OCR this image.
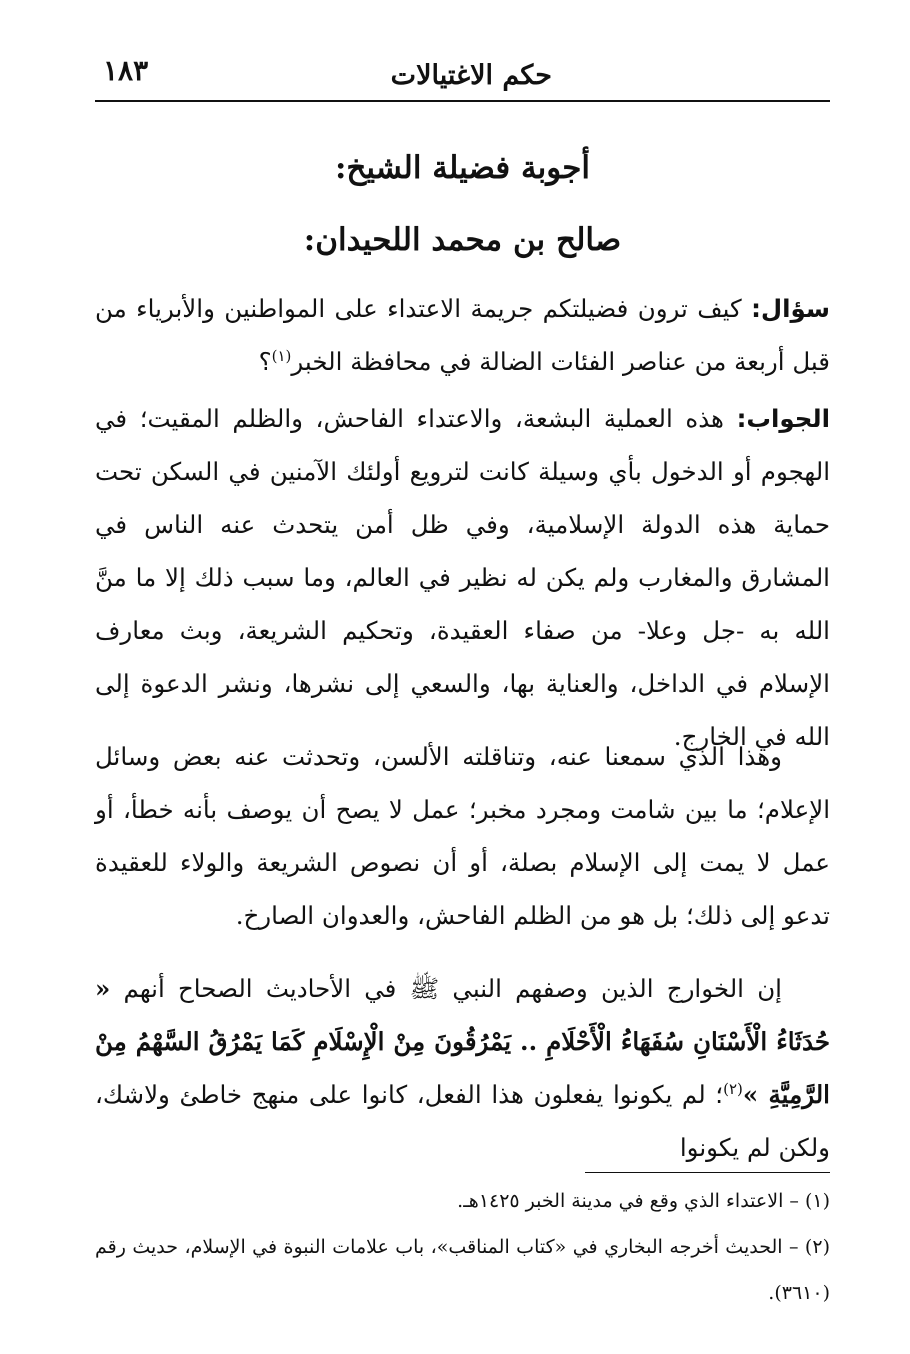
حكم الاغتيالات
١٨٣
أجوبة فضيلة الشيخ:
صالح بن محمد اللحيدان:

سؤال: كيف ترون فضيلتكم جريمة الاعتداء على المواطنين والأبرياء من قبل أربعة من عناصر الفئات الضالة في محافظة الخبر$^{(١)}$؟

الجواب: هذه العملية البشعة، والاعتداء الفاحش، والظلم المقيت؛ في الهجوم أو الدخول بأي وسيلة كانت لترويع أولئك الآمنين في السكن تحت حماية هذه الدولة الإسلامية، وفي ظل أمن يتحدث عنه الناس في المشارق والمغارب ولم يكن له نظير في العالم، وما سبب ذلك إلا ما منَّ الله به -جل وعلا- من صفاء العقيدة، وتحكيم الشريعة، وبث معارف الإسلام في الداخل، والعناية بها، والسعي إلى نشرها، ونشر الدعوة إلى الله في الخارج.

وهذا الذي سمعنا عنه، وتناقلته الألسن، وتحدثت عنه بعض وسائل الإعلام؛ ما بين شامت ومجرد مخبر؛ عمل لا يصح أن يوصف بأنه خطأ، أو عمل لا يمت إلى الإسلام بصلة، أو أن نصوص الشريعة والولاء للعقيدة تدعو إلى ذلك؛ بل هو من الظلم الفاحش، والعدوان الصارخ.

إن الخوارج الذين وصفهم النبي ﷺ في الأحاديث الصحاح أنهم « حُدَثَاءُ الْأَسْنَانِ سُفَهَاءُ الْأَحْلَامِ .. يَمْرُقُونَ مِنْ الْإِسْلَامِ كَمَا يَمْرُقُ السَّهْمُ مِنْ الرَّمِيَّةِ »$^{(٢)}$؛ لم يكونوا يفعلون هذا الفعل، كانوا على منهج خاطئ ولاشك، ولكن لم يكونوا

(١) – الاعتداء الذي وقع في مدينة الخبر ١٤٢٥هـ.
(٢) – الحديث أخرجه البخاري في «كتاب المناقب»، باب علامات النبوة في الإسلام، حديث رقم (٣٦١٠).
